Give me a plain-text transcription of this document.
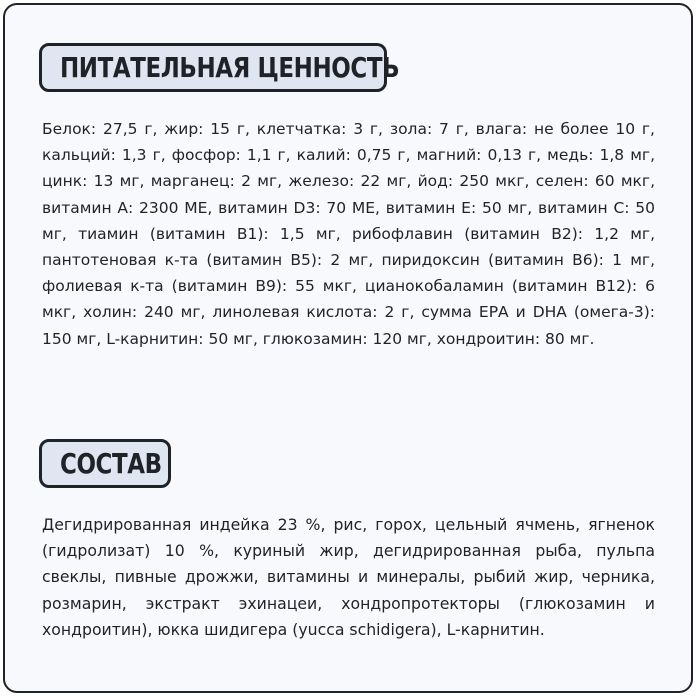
ПИТАТЕЛЬНАЯ ЦЕННОСТЬ

Белок: 27,5 г, жир: 15 г, клетчатка: 3 г, зола: 7 г, влага: не более 10 г, кальций: 1,3 г, фосфор: 1,1 г, калий: 0,75 г, магний: 0,13 г, медь: 1,8 мг, цинк: 13 мг, марганец: 2 мг, железо: 22 мг, йод: 250 мкг, селен: 60 мкг, витамин А: 2300 МЕ, витамин D3: 70 МЕ, витамин Е: 50 мг, витамин С: 50 мг, тиамин (витамин В1): 1,5 мг, рибофлавин (витамин В2): 1,2 мг, пантотеновая к-та (витамин В5): 2 мг, пиридоксин (витамин В6): 1 мг, фолиевая к-та (витамин В9): 55 мкг, цианокобаламин (витамин В12): 6 мкг, холин: 240 мг, линолевая кислота: 2 г, сумма ЕРА и DHA (омега-3): 150 мг, L-карнитин: 50 мг, глюкозамин: 120 мг, хондроитин: 80 мг.

СОСТАВ

Дегидрированная индейка 23 %, рис, горох, цельный ячмень, ягненок (гидролизат) 10 %, куриный жир, дегидрированная рыба, пульпа свеклы, пивные дрожжи, витамины и минералы, рыбий жир, черника, розмарин, экстракт эхинацеи, хондропротекторы (глюкозамин и хондроитин), юкка шидигера (yucca schidigera), L-карнитин.
